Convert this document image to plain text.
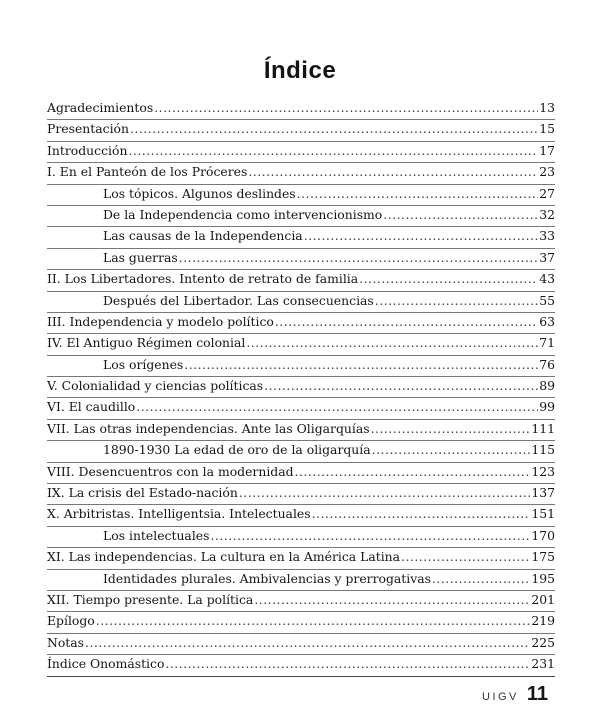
Índice
Agradecimientos .....	13
Presentación .....	15
Introducción .....	17
I. En el Panteón de los Próceres .....	23
Los tópicos. Algunos deslindes .....	27
De la Independencia como intervencionismo .....	32
Las causas de la Independencia .....	33
Las guerras .....	37
II. Los Libertadores. Intento de retrato de familia .....	43
Después del Libertador. Las consecuencias .....	55
III. Independencia y modelo político .....	63
IV. El Antiguo Régimen colonial .....	71
Los orígenes .....	76
V. Colonialidad y ciencias políticas .....	89
VI. El caudillo .....	99
VII. Las otras independencias. Ante las Oligarquías .....	111
1890-1930 La edad de oro de la oligarquía .....	115
VIII. Desencuentros con la modernidad .....	123
IX. La crisis del Estado-nación .....	137
X. Arbitristas. Intelligentsia. Intelectuales .....	151
Los intelectuales .....	170
XI. Las independencias. La cultura en la América Latina .....	175
Identidades plurales. Ambivalencias y prerrogativas .....	195
XII. Tiempo presente. La política .....	201
Epílogo .....	219
Notas .....	225
Índice Onomástico .....	231
UIGV 11
